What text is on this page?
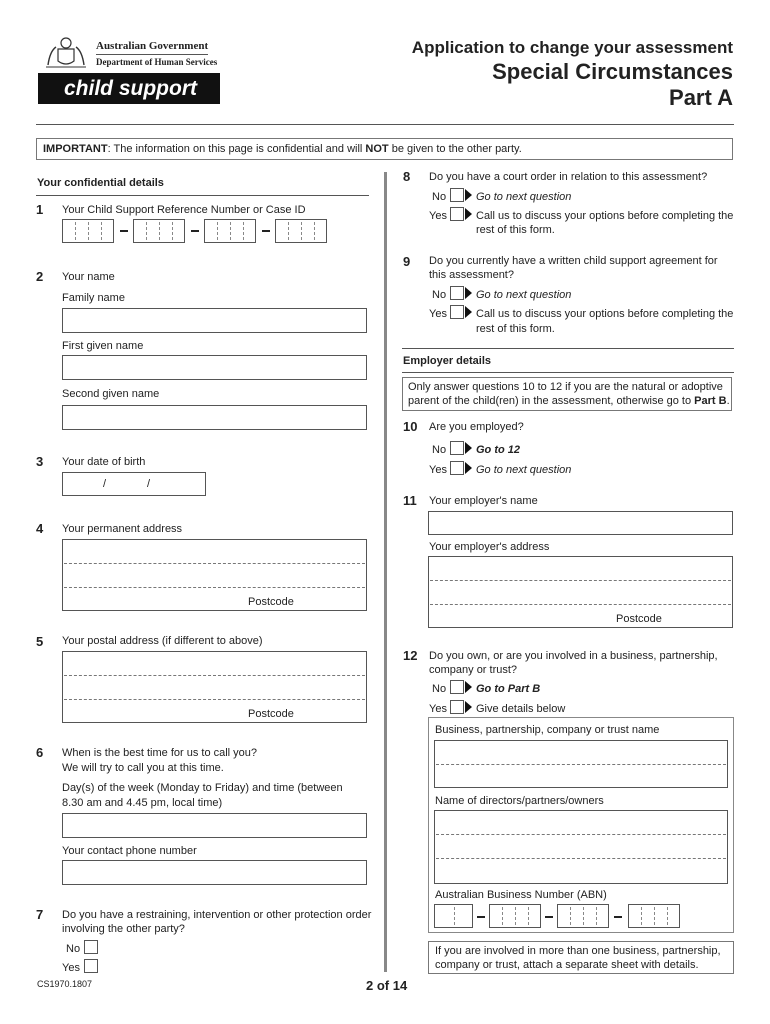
Australian Government
Department of Human Services
child support
Application to change your assessment
Special Circumstances
Part A
IMPORTANT: The information on this page is confidential and will NOT be given to the other party.
Your confidential details
1 Your Child Support Reference Number or Case ID
2 Your name
Family name
First given name
Second given name
3 Your date of birth
/	/
4 Your permanent address
Postcode
5 Your postal address (if different to above)
Postcode
6 When is the best time for us to call you?
We will try to call you at this time.
Day(s) of the week (Monday to Friday) and time (between
8.30 am and 4.45 pm, local time)
Your contact phone number
7 Do you have a restraining, intervention or other protection order
involving the other party?
No
Yes
8 Do you have a court order in relation to this assessment?
No	Go to next question
Yes	Call us to discuss your options before completing the
rest of this form.
9 Do you currently have a written child support agreement for
this assessment?
No	Go to next question
Yes	Call us to discuss your options before completing the
rest of this form.
Employer details
Only answer questions 10 to 12 if you are the natural or adoptive
parent of the child(ren) in the assessment, otherwise go to Part B.
10 Are you employed?
No	Go to 12
Yes	Go to next question
11 Your employer's name
Your employer's address
Postcode
12 Do you own, or are you involved in a business, partnership,
company or trust?
No	Go to Part B
Yes	Give details below
Business, partnership, company or trust name
Name of directors/partners/owners
Australian Business Number (ABN)
If you are involved in more than one business, partnership,
company or trust, attach a separate sheet with details.
CS1970.1807	2 of 14
